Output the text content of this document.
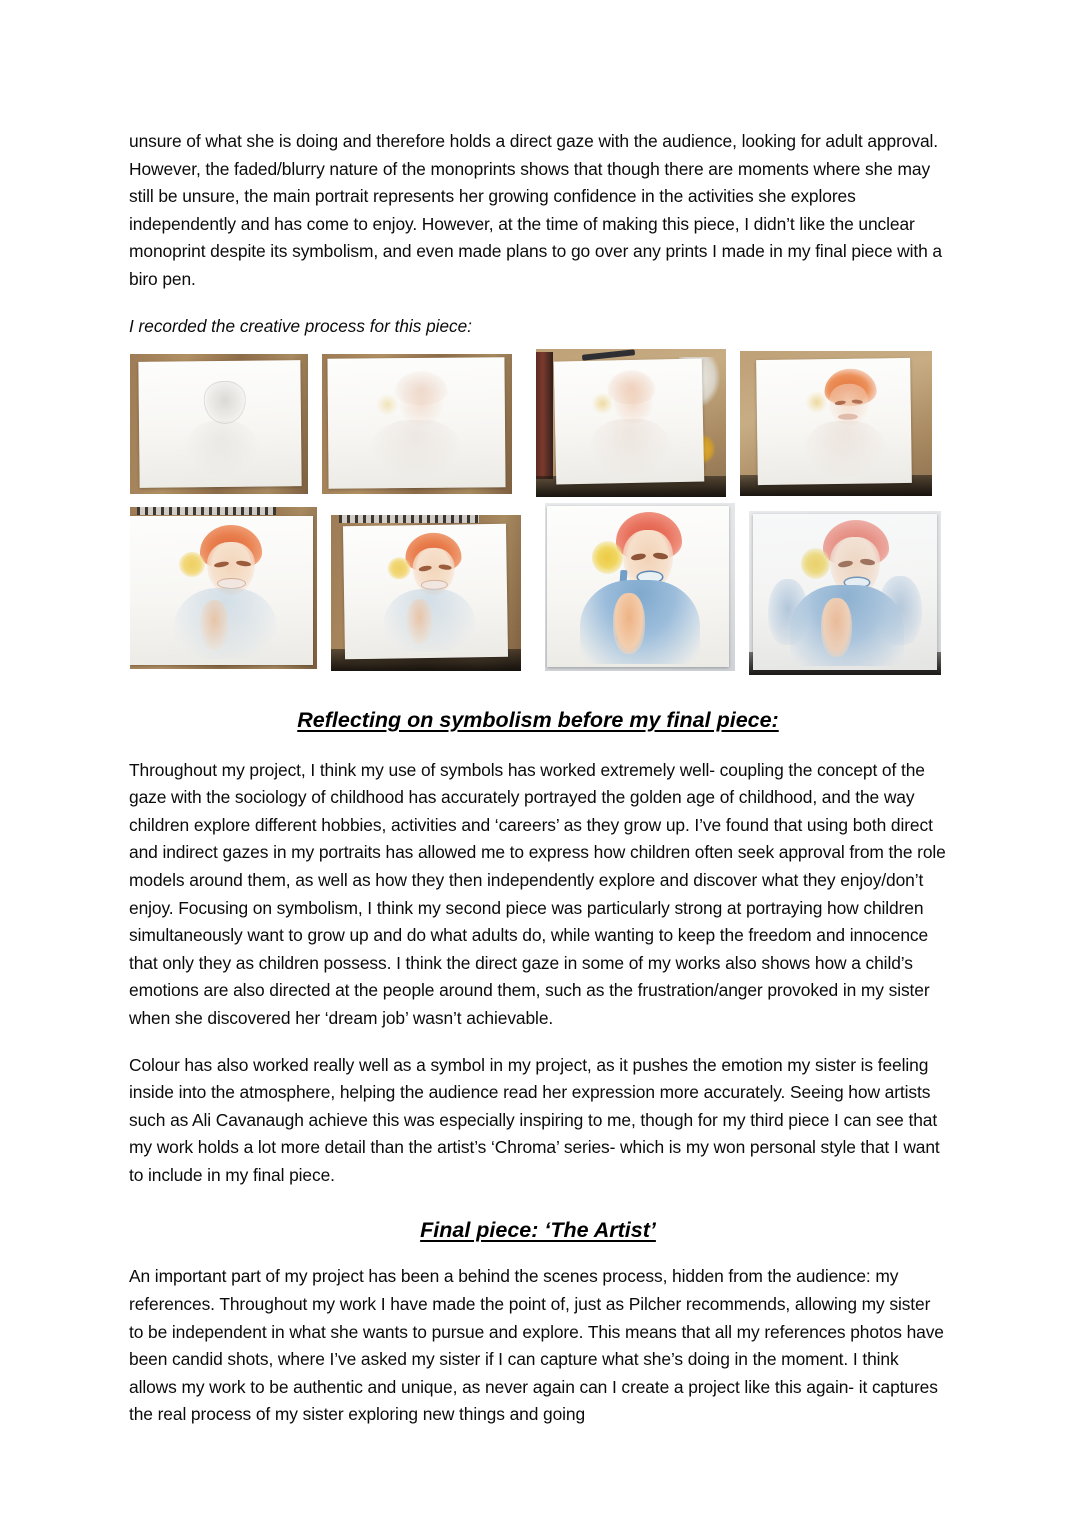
unsure of what she is doing and therefore holds a direct gaze with the audience, looking for adult approval. However, the faded/blurry nature of the monoprints shows that though there are moments where she may still be unsure, the main portrait represents her growing confidence in the activities she explores independently and has come to enjoy. However, at the time of making this piece, I didn’t like the unclear monoprint despite its symbolism, and even made plans to go over any prints I made in my final piece with a biro pen.

I recorded the creative process for this piece:

Reflecting on symbolism before my final piece:

Throughout my project, I think my use of symbols has worked extremely well- coupling the concept of the gaze with the sociology of childhood has accurately portrayed the golden age of childhood, and the way children explore different hobbies, activities and ‘careers’ as they grow up. I’ve found that using both direct and indirect gazes in my portraits has allowed me to express how children often seek approval from the role models around them, as well as how they then independently explore and discover what they enjoy/don’t enjoy. Focusing on symbolism, I think my second piece was particularly strong at portraying how children simultaneously want to grow up and do what adults do, while wanting to keep the freedom and innocence that only they as children possess. I think the direct gaze in some of my works also shows how a child’s emotions are also directed at the people around them, such as the frustration/anger provoked in my sister when she discovered her ‘dream job’ wasn’t achievable.

Colour has also worked really well as a symbol in my project, as it pushes the emotion my sister is feeling inside into the atmosphere, helping the audience read her expression more accurately. Seeing how artists such as Ali Cavanaugh achieve this was especially inspiring to me, though for my third piece I can see that my work holds a lot more detail than the artist’s ‘Chroma’ series- which is my won personal style that I want to include in my final piece.

Final piece: ‘The Artist’

An important part of my project has been a behind the scenes process, hidden from the audience: my references. Throughout my work I have made the point of, just as Pilcher recommends, allowing my sister to be independent in what she wants to pursue and explore. This means that all my references photos have been candid shots, where I’ve asked my sister if I can capture what she’s doing in the moment. I think allows my work to be authentic and unique, as never again can I create a project like this again- it captures the real process of my sister exploring new things and going
